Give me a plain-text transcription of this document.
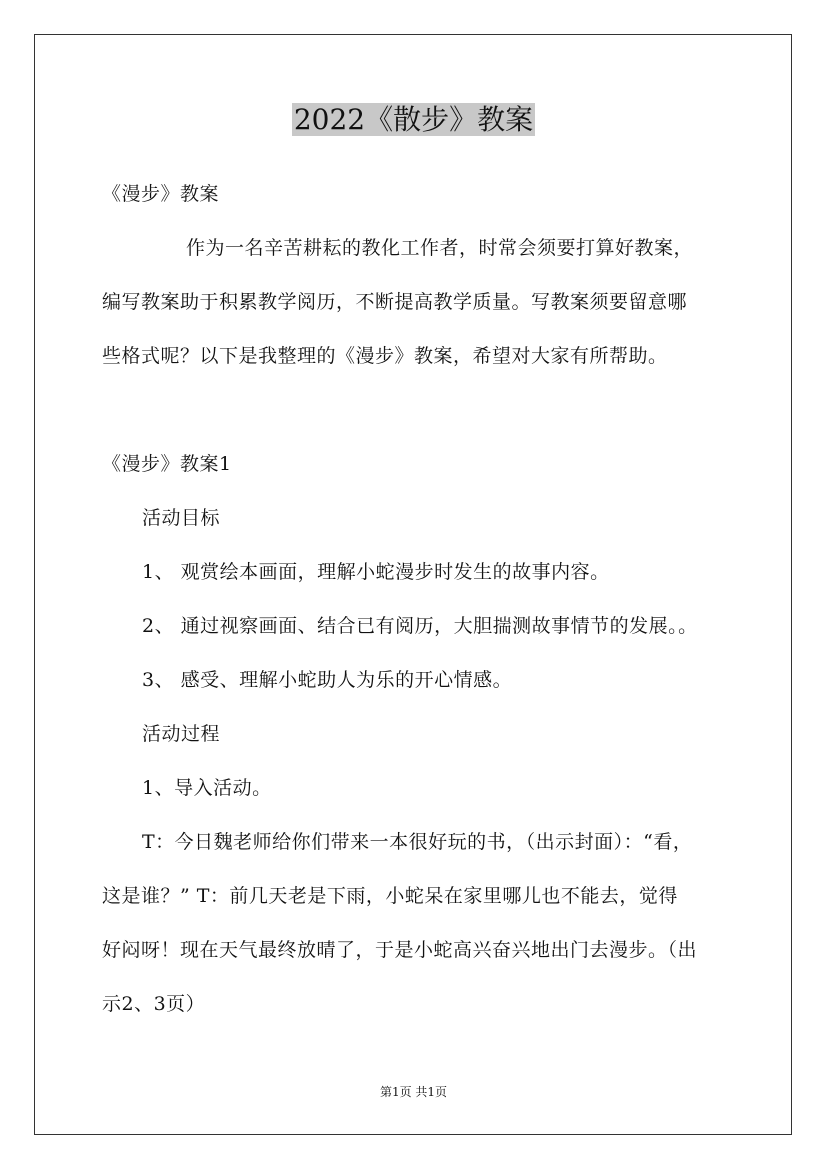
2022《散步》教案
《漫步》教案
作为一名辛苦耕耘的教化工作者，时常会须要打算好教案，
编写教案助于积累教学阅历，不断提高教学质量。写教案须要留意哪
些格式呢？以下是我整理的《漫步》教案，希望对大家有所帮助。
《漫步》教案1
活动目标
1、 观赏绘本画面，理解小蛇漫步时发生的故事内容。
2、 通过视察画面、结合已有阅历，大胆揣测故事情节的发展。。
3、 感受、理解小蛇助人为乐的开心情感。
活动过程
1、导入活动。
T：今日魏老师给你们带来一本很好玩的书，（出示封面）：“看，
这是谁？” T：前几天老是下雨，小蛇呆在家里哪儿也不能去，觉得
好闷呀！现在天气最终放晴了，于是小蛇高兴奋兴地出门去漫步。（出
示2、3页）
第1页 共1页
